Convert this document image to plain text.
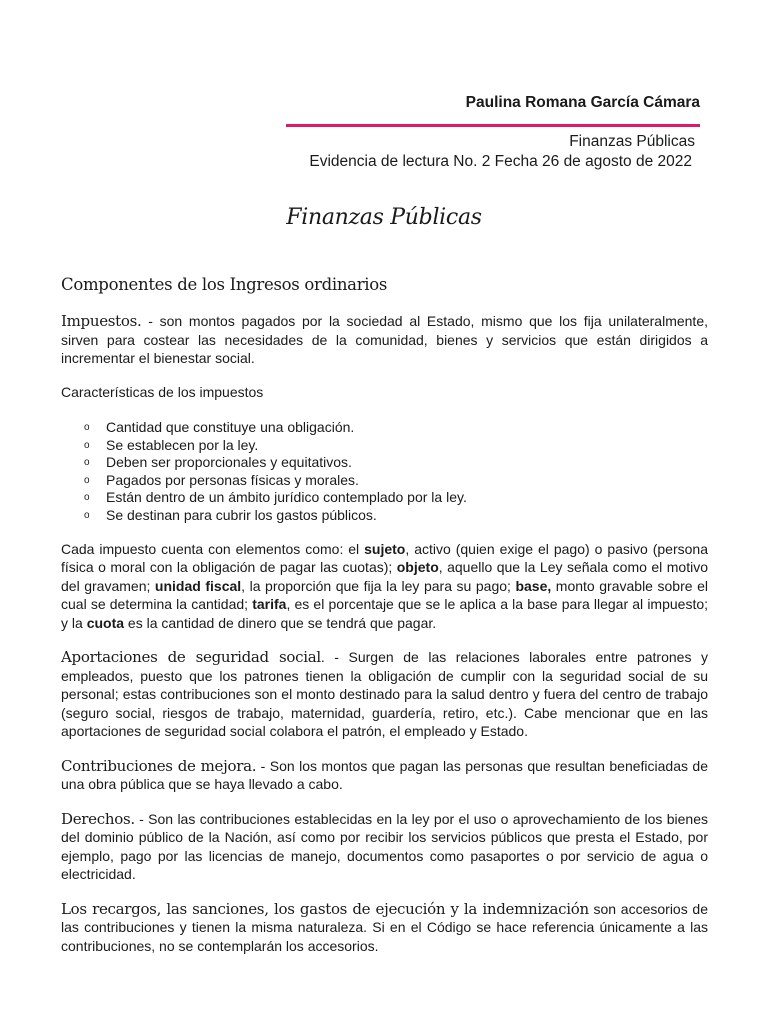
Paulina Romana García Cámara
Finanzas Públicas
Evidencia de lectura No. 2 Fecha 26 de agosto de 2022
Finanzas Públicas
Componentes de los Ingresos ordinarios

Impuestos. - son montos pagados por la sociedad al Estado, mismo que los fija unilateralmente, sirven para costear las necesidades de la comunidad, bienes y servicios que están dirigidos a incrementar el bienestar social.

Características de los impuestos

o Cantidad que constituye una obligación.
o Se establecen por la ley.
o Deben ser proporcionales y equitativos.
o Pagados por personas físicas y morales.
o Están dentro de un ámbito jurídico contemplado por la ley.
o Se destinan para cubrir los gastos públicos.

Cada impuesto cuenta con elementos como: el sujeto, activo (quien exige el pago) o pasivo (persona física o moral con la obligación de pagar las cuotas); objeto, aquello que la Ley señala como el motivo del gravamen; unidad fiscal, la proporción que fija la ley para su pago; base, monto gravable sobre el cual se determina la cantidad; tarifa, es el porcentaje que se le aplica a la base para llegar al impuesto; y la cuota es la cantidad de dinero que se tendrá que pagar.

Aportaciones de seguridad social. - Surgen de las relaciones laborales entre patrones y empleados, puesto que los patrones tienen la obligación de cumplir con la seguridad social de su personal; estas contribuciones son el monto destinado para la salud dentro y fuera del centro de trabajo (seguro social, riesgos de trabajo, maternidad, guardería, retiro, etc.). Cabe mencionar que en las aportaciones de seguridad social colabora el patrón, el empleado y Estado.

Contribuciones de mejora. - Son los montos que pagan las personas que resultan beneficiadas de una obra pública que se haya llevado a cabo.

Derechos. - Son las contribuciones establecidas en la ley por el uso o aprovechamiento de los bienes del dominio público de la Nación, así como por recibir los servicios públicos que presta el Estado, por ejemplo, pago por las licencias de manejo, documentos como pasaportes o por servicio de agua o electricidad.

Los recargos, las sanciones, los gastos de ejecución y la indemnización son accesorios de las contribuciones y tienen la misma naturaleza. Si en el Código se hace referencia únicamente a las contribuciones, no se contemplarán los accesorios.
